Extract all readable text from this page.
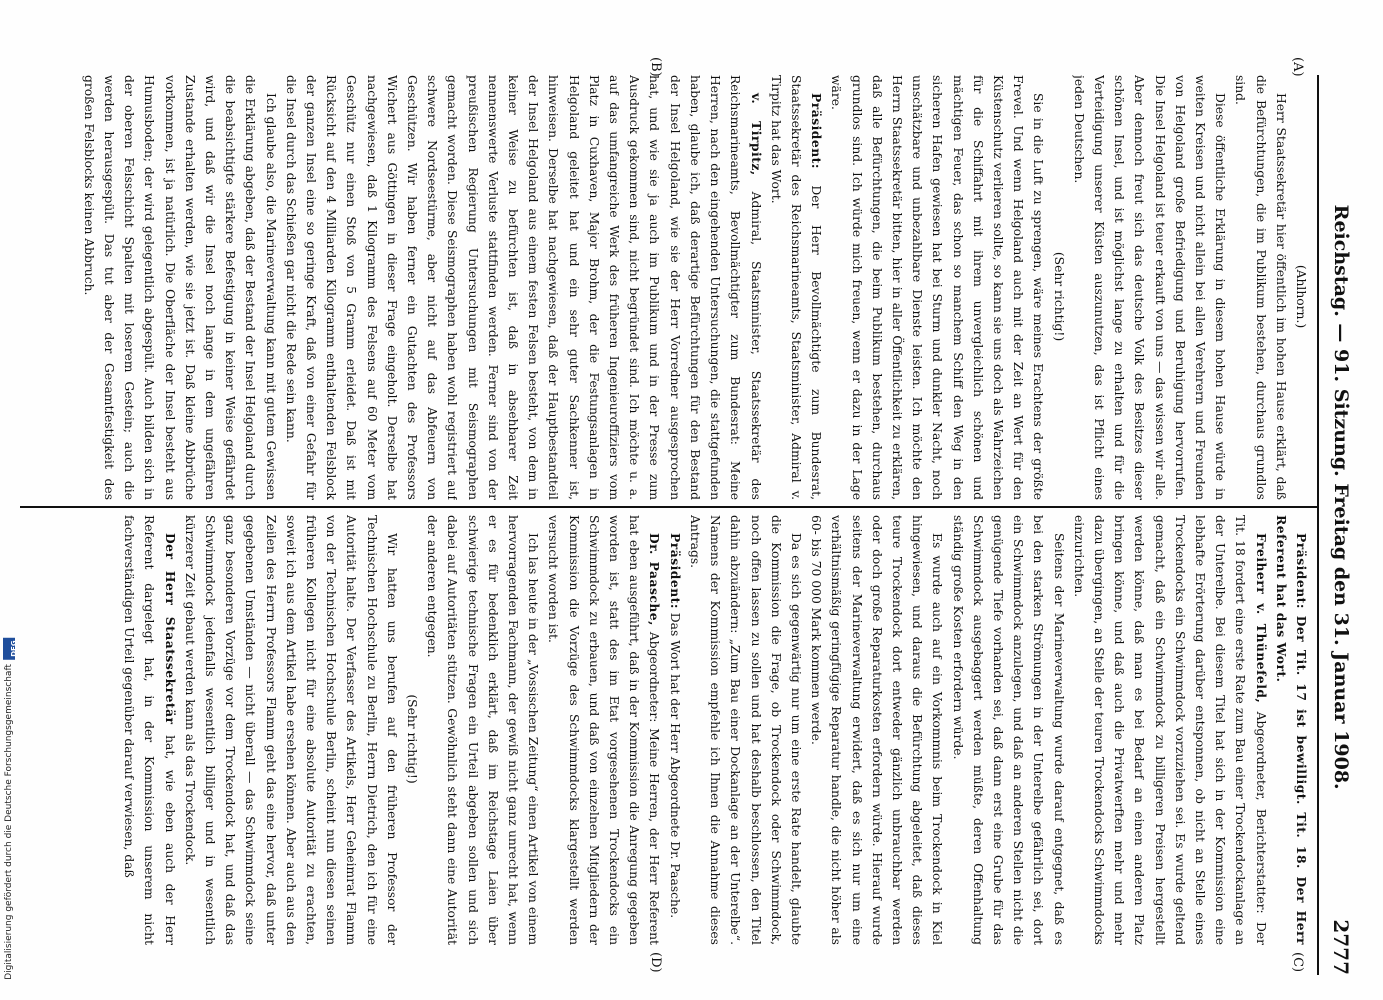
Reichstag. — 91. Sitzung. Freitag den 31. Januar 1908.
2777
(A)
(B)
(C)
(D)

(Ahlhorn.)

Herr Staatssekretär hier öffentlich im hohen Hause erklärt, daß die Befürchtungen, die im Publikum bestehen, durchaus grundlos sind.

Diese öffentliche Erklärung in diesem hohen Hause würde in weiten Kreisen und nicht allein bei allen Verehrern und Freunden von Helgoland große Befriedigung und Beruhigung hervorrufen. Die Insel Helgoland ist teuer erkauft von uns — das wissen wir alle. Aber dennoch freut sich das deutsche Volk des Besitzes dieser schönen Insel, und ist möglichst lange zu erhalten und für die Verteidigung unserer Küsten auszunutzen, das ist Pflicht eines jeden Deutschen.

(Sehr richtig!)

Sie in die Luft zu sprengen, wäre meines Erachtens der größte Frevel. Und wenn Helgoland auch mit der Zeit an Wert für den Küstenschutz verlieren sollte, so kann sie uns doch als Wahrzeichen für die Schiffahrt mit ihrem unvergleichlich schönen und mächtigen Feuer, das schon so manchem Schiff den Weg in den sicheren Hafen gewiesen hat bei Sturm und dunkler Nacht, noch unschätzbare und unbezahlbare Dienste leisten. Ich möchte den Herrn Staatssekretär bitten, hier in aller Öffentlichkeit zu erklären, daß alle Befürchtungen, die beim Publikum bestehen, durchaus grundlos sind. Ich würde mich freuen, wenn er dazu in der Lage wäre.

Präsident: Der Herr Bevollmächtigte zum Bundesrat, Staatssekretär des Reichsmarineamts, Staatsminister, Admiral v. Tirpitz hat das Wort.

v. Tirpitz, Admiral, Staatsminister, Staatssekretär des Reichsmarineamts, Bevollmächtigter zum Bundesrat: Meine Herren, nach den eingehenden Untersuchungen, die stattgefunden haben, glaube ich, daß derartige Befürchtungen für den Bestand der Insel Helgoland, wie sie der Herr Vorredner ausgesprochen hat, und wie sie ja auch im Publikum und in der Presse zum Ausdruck gekommen sind, nicht begründet sind. Ich möchte u. a. auf das umfangreiche Werk des früheren Ingenieuroffiziers vom Platz in Cuxhaven, Major Brohm, der die Festungsanlagen in Helgoland geleitet hat und ein sehr guter Sachkenner ist, hinweisen. Derselbe hat nachgewiesen, daß der Hauptbestandteil der Insel Helgoland aus einem festen Felsen besteht, von dem in keiner Weise zu befürchten ist, daß in absehbarer Zeit nennenswerte Verluste stattfinden werden. Ferner sind von der preußischen Regierung Untersuchungen mit Seismographen gemacht worden. Diese Seismographen haben wohl registriert auf schwere Nordseestürme, aber nicht auf das Abfeuern von Geschützen. Wir haben ferner ein Gutachten des Professors Wichert aus Göttingen in dieser Frage eingeholt. Derselbe hat nachgewiesen, daß 1 Kilogramm des Felsens auf 60 Meter vom Geschütz nur einen Stoß von 5 Gramm erleidet. Daß ist mit Rücksicht auf den 4 Milliarden Kilogramm enthaltenden Felsblock der ganzen Insel eine so geringe Kraft, daß von einer Gefahr für die Insel durch das Schießen gar nicht die Rede sein kann.

Ich glaube also, die Marineverwaltung kann mit gutem Gewissen die Erklärung abgeben, daß der Bestand der Insel Helgoland durch die beabsichtigte stärkere Befestigung in keiner Weise gefährdet wird, und daß wir die Insel noch lange in dem ungefähren Zustande erhalten werden, wie sie jetzt ist. Daß kleine Abbrüche vorkommen, ist ja natürlich. Die Oberfläche der Insel besteht aus Humusboden; der wird gelegentlich abgespült. Auch bilden sich in der oberen Felsschicht Spalten mit loserem Gestein; auch die werden herausgespült. Das tut aber der Gesamtfestigkeit des großen Felsblocks keinen Abbruch.

Präsident: Der Tit. 17 ist bewilligt. Tit. 18. Der Herr Referent hat das Wort.

Freiherr v. Thünefeld, Abgeordneter, Berichterstatter: Der Tit. 18 fordert eine erste Rate zum Bau einer Trockendockanlage an der Unterelbe. Bei diesem Titel hat sich in der Kommission eine lebhafte Erörterung darüber entsponnen, ob nicht an Stelle eines Trockendocks ein Schwimmdock vorzuziehen sei. Es wurde geltend gemacht, daß ein Schwimmdock zu billigeren Preisen hergestellt werden könne, daß man es bei Bedarf an einen anderen Platz bringen könne, und daß auch die Privatwerften mehr und mehr dazu übergingen, an Stelle der teuren Trockendocks Schwimmdocks einzurichten.

Seitens der Marineverwaltung wurde darauf entgegnet, daß es bei den starken Strömungen in der Unterelbe gefährlich sei, dort ein Schwimmdock anzulegen, und daß an anderen Stellen nicht die genügende Tiefe vorhanden sei, daß dann erst eine Grube für das Schwimmdock ausgebaggert werden müßte, deren Offenhaltung ständig große Kosten erfordern würde.

Es wurde auch auf ein Vorkommnis beim Trockendock in Kiel hingewiesen, und daraus die Befürchtung abgeleitet, daß dieses teure Trockendock dort entweder gänzlich unbrauchbar werden oder doch große Reparaturkosten erfordern würde. Hierauf wurde seitens der Marineverwaltung erwidert, daß es sich nur um eine verhältnismäßig geringfügige Reparatur handle, die nicht höher als 60- bis 70 000 Mark kommen werde.

Da es sich gegenwärtig nur um eine erste Rate handelt, glaubte die Kommission die Frage, ob Trockendock oder Schwimmdock, noch offen lassen zu sollen und hat deshalb beschlossen, den Titel dahin abzuändern: „Zum Bau einer Dockanlage an der Unterelbe“. Namens der Kommission empfehle ich Ihnen die Annahme dieses Antrags.

Präsident: Das Wort hat der Herr Abgeordnete Dr. Paasche.

Dr. Paasche, Abgeordneter: Meine Herren, der Herr Referent hat eben ausgeführt, daß in der Kommission die Anregung gegeben worden ist, statt des im Etat vorgesehenen Trockendocks ein Schwimmdock zu erbauen, und daß von einzelnen Mitgliedern der Kommission die Vorzüge des Schwimmdocks klargestellt werden versucht worden ist.

Ich las heute in der „Vossischen Zeitung“ einen Artikel von einem hervorragenden Fachmann, der gewiß nicht ganz unrecht hat, wenn er es für bedenklich erklärt, daß im Reichstage Laien über schwierige technische Fragen ein Urteil abgeben sollen und sich dabei auf Autoritäten stützen. Gewöhnlich steht dann eine Autorität der anderen entgegen.

(Sehr richtig!)

Wir hatten uns berufen auf den früheren Professor der Technischen Hochschule zu Berlin, Herrn Dietrich, den ich für eine Autorität halte. Der Verfasser des Artikels, Herr Geheimrat Flamm von der Technischen Hochschule Berlin, scheint nun diesen seinen früheren Kollegen nicht für eine absolute Autorität zu erachten, soweit ich aus dem Artikel habe ersehen können. Aber auch aus den Zeilen des Herrn Professors Flamm geht das eine hervor, daß unter gegebenen Umständen — nicht überall — das Schwimmdock seine ganz besonderen Vorzüge vor dem Trockendock hat, und daß das Schwimmdock jedenfalls wesentlich billiger und in wesentlich kürzerer Zeit gebaut werden kann als das Trockendock.

Der Herr Staatssekretär hat, wie eben auch der Herr Referent dargelegt hat, in der Kommission unserem nicht fachverständigen Urteil gegenüber darauf verwiesen, daß

Digitalisierung gefördert durch die Deutsche Forschungsgemeinschaft
DFG
